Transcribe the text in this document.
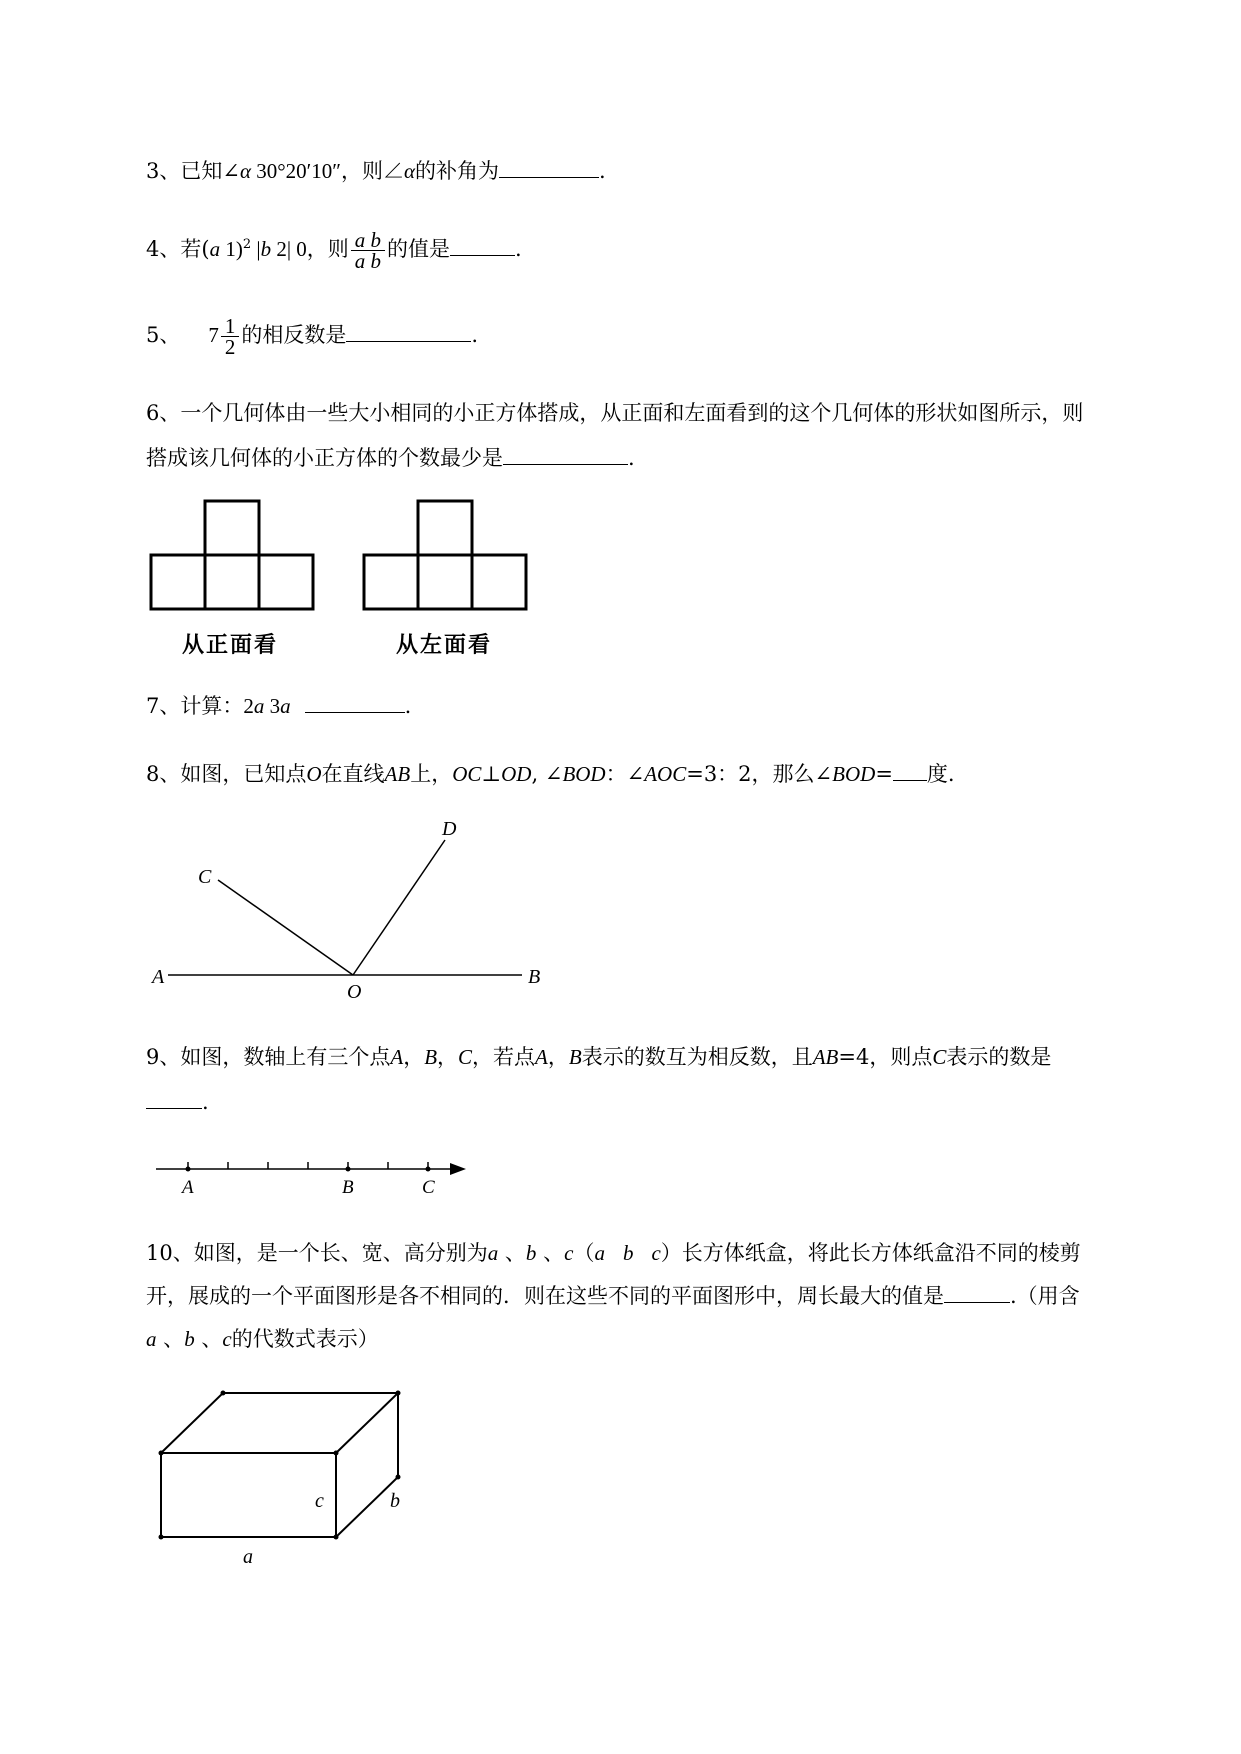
3、已知∠α 30°20′10″，则∠α的补角为	.
4、若(a 1)$^2$ |b 2| 0，则 $\frac{\text{a b}}{\text{a b}}$ 的值是	.
5、 $7 \frac{1}{2}$ 的相反数是	.
6、一个几何体由一些大小相同的小正方体搭成，从正面和左面看到的这个几何体的形状如图所示，则
搭成该几何体的小正方体的个数最少是	.
从正面看	从左面看
7、计算：2a 3a	.
8、如图，已知点O在直线AB上，OC⊥OD, ∠BOD：∠AOC=3：2，那么∠BOD= 度.
A	B
C
D
O
9、如图，数轴上有三个点A，B，C，若点A，B表示的数互为相反数，且AB=4，则点C表示的数是
.
A	B	C
10、如图，是一个长、宽、高分别为a 、b 、c（a b c）长方体纸盒，将此长方体纸盒沿不同的棱剪
开，展成的一个平面图形是各不相同的．则在这些不同的平面图形中，周长最大的值是	.（用含
a 、b 、c的代数式表示）
a
b
c
